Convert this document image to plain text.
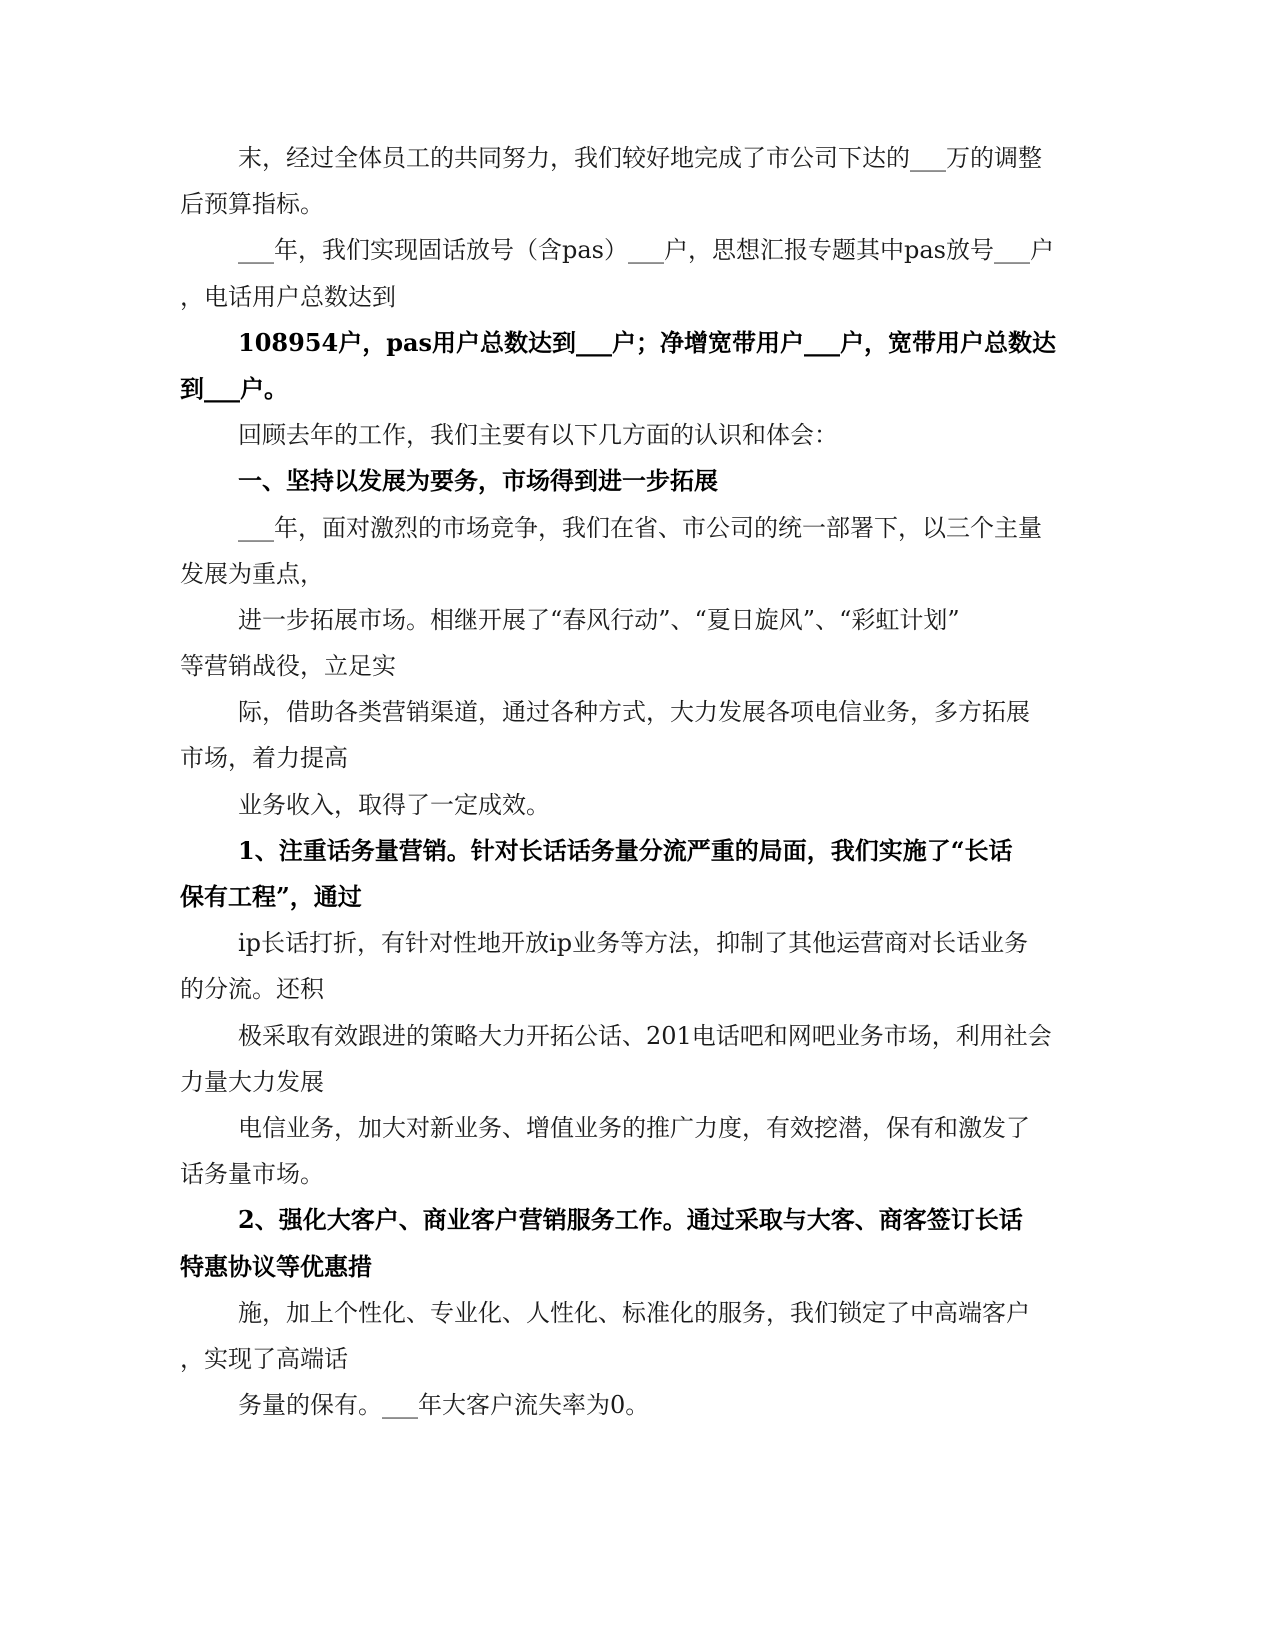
末，经过全体员工的共同努力，我们较好地完成了市公司下达的___万的调整
后预算指标。
___年，我们实现固话放号（含pas）___户，思想汇报专题其中pas放号___户
，电话用户总数达到
108954户，pas用户总数达到___户；净增宽带用户___户，宽带用户总数达
到___户。
回顾去年的工作，我们主要有以下几方面的认识和体会：
一、坚持以发展为要务，市场得到进一步拓展
___年，面对激烈的市场竞争，我们在省、市公司的统一部署下，以三个主量
发展为重点，
进一步拓展市场。相继开展了“春风行动”、“夏日旋风”、“彩虹计划”
等营销战役，立足实
际，借助各类营销渠道，通过各种方式，大力发展各项电信业务，多方拓展
市场，着力提高
业务收入，取得了一定成效。
1、注重话务量营销。针对长话话务量分流严重的局面，我们实施了“长话
保有工程”，通过
ip长话打折，有针对性地开放ip业务等方法，抑制了其他运营商对长话业务
的分流。还积
极采取有效跟进的策略大力开拓公话、201电话吧和网吧业务市场，利用社会
力量大力发展
电信业务，加大对新业务、增值业务的推广力度，有效挖潜，保有和激发了
话务量市场。
2、强化大客户、商业客户营销服务工作。通过采取与大客、商客签订长话
特惠协议等优惠措
施，加上个性化、专业化、人性化、标准化的服务，我们锁定了中高端客户
，实现了高端话
务量的保有。___年大客户流失率为0。
